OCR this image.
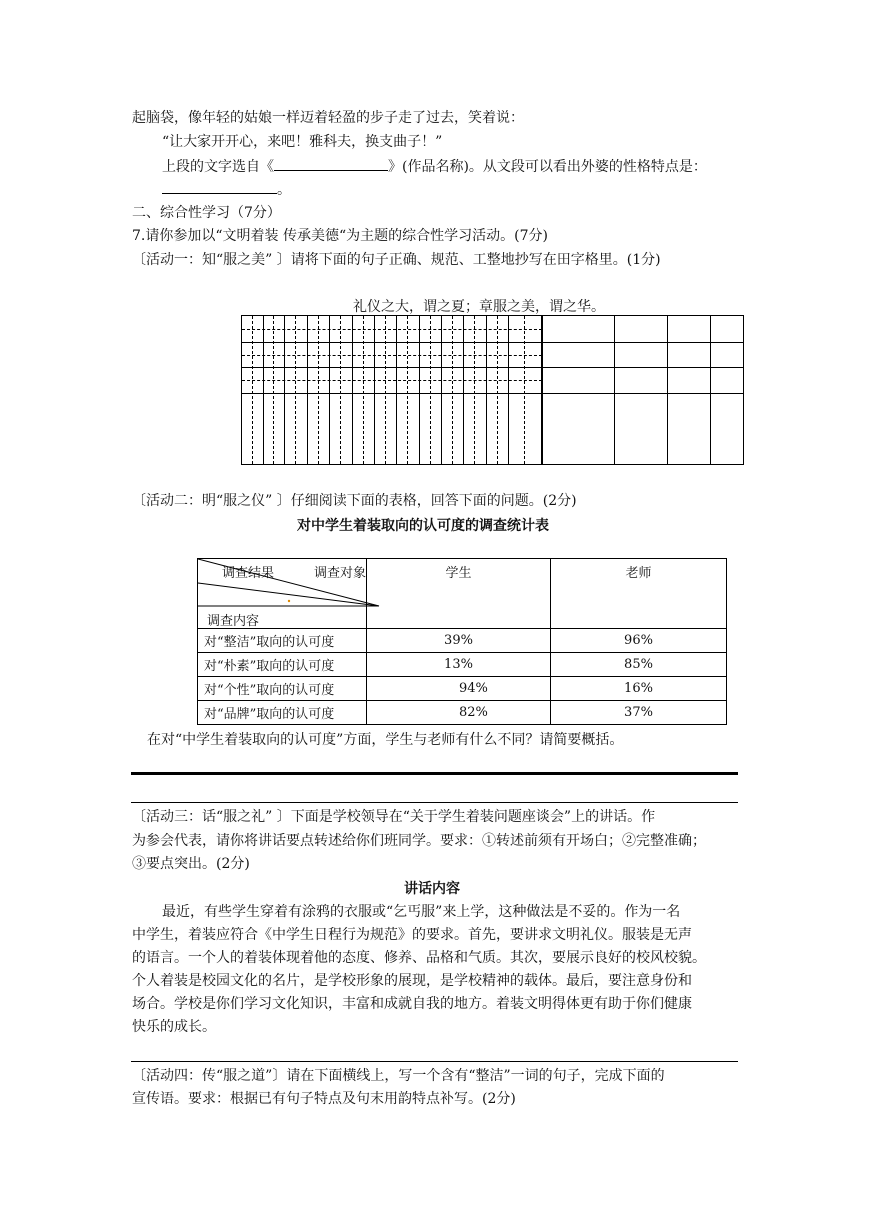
起脑袋，像年轻的姑娘一样迈着轻盈的步子走了过去，笑着说：
“让大家开开心，来吧！雅科夫，换支曲子！”
上段的文字选自《	》(作品名称)。从文段可以看出外婆的性格特点是：
。
二、综合性学习（7分）
7.请你参加以“文明着装 传承美德“为主题的综合性学习活动。(7分)
〔活动一：知“服之美” 〕请将下面的句子正确、规范、工整地抄写在田字格里。(1分)
礼仪之大，谓之夏；章服之美，谓之华。
〔活动二：明“服之仪” 〕仔细阅读下面的表格，回答下面的问题。(2分)
对中学生着装取向的认可度的调查统计表
调查结果 调查对象
调查内容	学生	老师
对“整洁”取向的认可度	39%	96%
对“朴素”取向的认可度	13%	85%
对“个性”取向的认可度	94%	16%
对“品牌”取向的认可度	82%	37%
在对“中学生着装取向的认可度”方面，学生与老师有什么不同？请简要概括。
〔活动三：话“服之礼” 〕下面是学校领导在“关于学生着装问题座谈会”上的讲话。作
为参会代表，请你将讲话要点转述给你们班同学。要求：①转述前须有开场白；②完整准确；
③要点突出。(2分)
讲话内容
最近，有些学生穿着有涂鸦的衣服或“乞丐服”来上学，这种做法是不妥的。作为一名
中学生，着装应符合《中学生日程行为规范》的要求。首先，要讲求文明礼仪。服装是无声
的语言。一个人的着装体现着他的态度、修养、品格和气质。其次，要展示良好的校风校貌。
个人着装是校园文化的名片，是学校形象的展现，是学校精神的载体。最后，要注意身份和
场合。学校是你们学习文化知识，丰富和成就自我的地方。着装文明得体更有助于你们健康
快乐的成长。
〔活动四：传“服之道”〕请在下面横线上，写一个含有“整洁”一词的句子，完成下面的
宣传语。要求：根据已有句子特点及句末用韵特点补写。(2分)
